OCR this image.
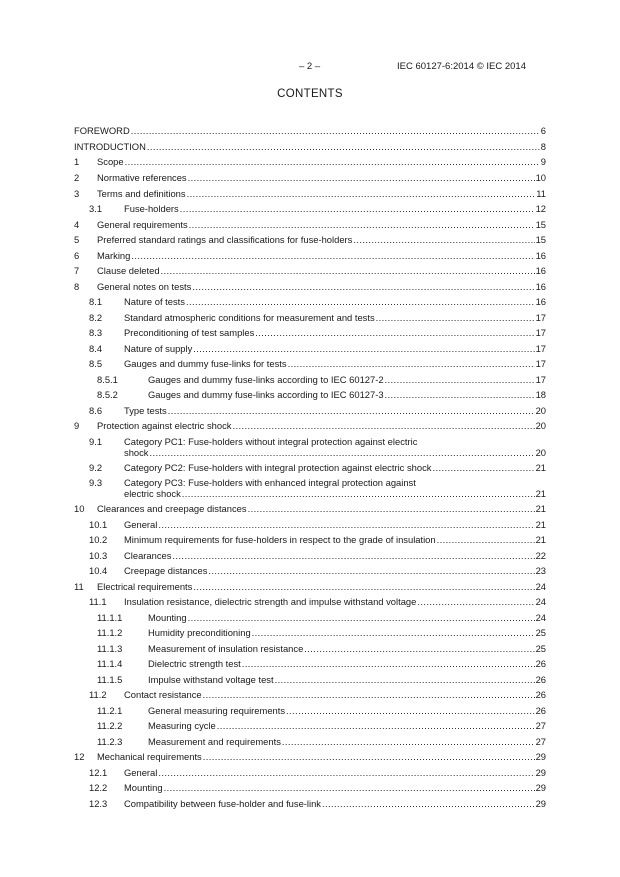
– 2 –	IEC 60127-6:2014 © IEC 2014
CONTENTS
FOREWORD .....	6
INTRODUCTION .....	8
1 Scope .....	9
2 Normative references .....	10
3 Terms and definitions .....	11
3.1 Fuse-holders .....	12
4 General requirements .....	15
5 Preferred standard ratings and classifications for fuse-holders .....	15
6 Marking .....	16
7 Clause deleted .....	16
8 General notes on tests .....	16
8.1 Nature of tests .....	16
8.2 Standard atmospheric conditions for measurement and tests .....	17
8.3 Preconditioning of test samples .....	17
8.4 Nature of supply .....	17
8.5 Gauges and dummy fuse-links for tests .....	17
8.5.1	Gauges and dummy fuse-links according to IEC 60127-2 .....	17
8.5.2	Gauges and dummy fuse-links according to IEC 60127-3 .....	18
8.6 Type tests .....	20
9 Protection against electric shock .....	20
9.1 Category PC1: Fuse-holders without integral protection against electric
shock .....	20
9.2 Category PC2: Fuse-holders with integral protection against electric shock .....	21
9.3 Category PC3: Fuse-holders with enhanced integral protection against
electric shock .....	21
10 Clearances and creepage distances .....	21
10.1 General .....	21
10.2 Minimum requirements for fuse-holders in respect to the grade of insulation .....	21
10.3 Clearances .....	22
10.4 Creepage distances .....	23
11 Electrical requirements .....	24
11.1 Insulation resistance, dielectric strength and impulse withstand voltage .....	24
11.1.1	Mounting .....	24
11.1.2	Humidity preconditioning .....	25
11.1.3	Measurement of insulation resistance .....	25
11.1.4	Dielectric strength test .....	26
11.1.5	Impulse withstand voltage test .....	26
11.2 Contact resistance .....	26
11.2.1	General measuring requirements .....	26
11.2.2	Measuring cycle .....	27
11.2.3	Measurement and requirements .....	27
12 Mechanical requirements .....	29
12.1 General .....	29
12.2 Mounting .....	29
12.3 Compatibility between fuse-holder and fuse-link .....	29
